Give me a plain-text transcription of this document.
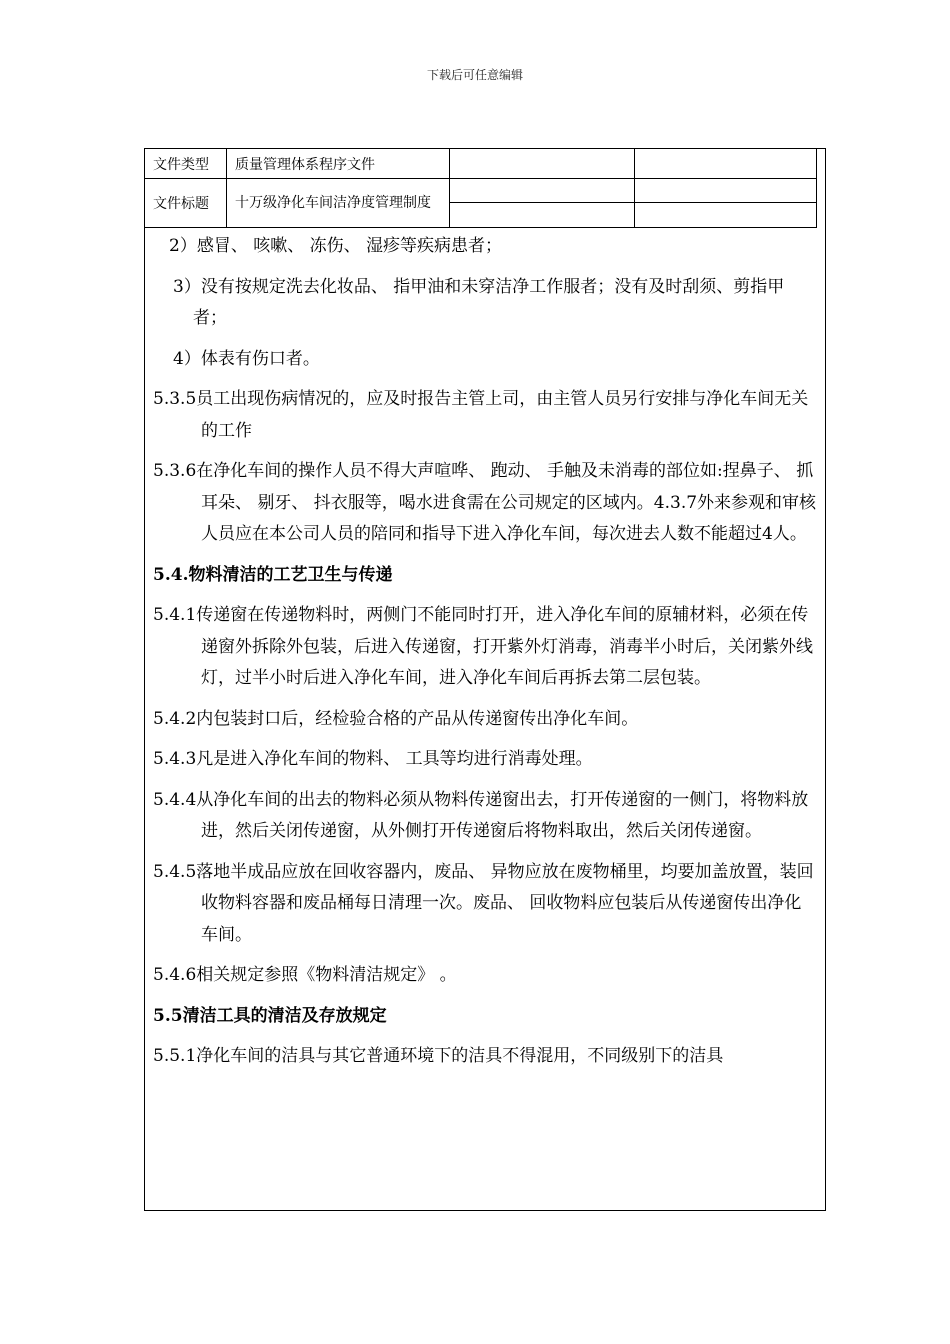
下载后可任意编辑
文件类型	质量管理体系程序文件		
文件标题	十万级净化车间洁净度管理制度		

2）感冒、 咳嗽、 冻伤、 湿疹等疾病患者；

3）没有按规定洗去化妆品、 指甲油和未穿洁净工作服者；没有及时刮须、剪指甲者；

4）体表有伤口者。

5.3.5员工出现伤病情况的，应及时报告主管上司，由主管人员另行安排与净化车间无关的工作

5.3.6在净化车间的操作人员不得大声喧哗、 跑动、 手触及未消毒的部位如:捏鼻子、 抓耳朵、 剔牙、 抖衣服等，喝水进食需在公司规定的区域内。4.3.7外来参观和审核人员应在本公司人员的陪同和指导下进入净化车间，每次进去人数不能超过4人。

5.4.物料清洁的工艺卫生与传递

5.4.1传递窗在传递物料时，两侧门不能同时打开，进入净化车间的原辅材料，必须在传递窗外拆除外包装，后进入传递窗，打开紫外灯消毒，消毒半小时后，关闭紫外线灯，过半小时后进入净化车间，进入净化车间后再拆去第二层包装。

5.4.2内包装封口后，经检验合格的产品从传递窗传出净化车间。

5.4.3凡是进入净化车间的物料、 工具等均进行消毒处理。

5.4.4从净化车间的出去的物料必须从物料传递窗出去，打开传递窗的一侧门，将物料放进，然后关闭传递窗，从外侧打开传递窗后将物料取出，然后关闭传递窗。

5.4.5落地半成品应放在回收容器内，废品、 异物应放在废物桶里，均要加盖放置，装回收物料容器和废品桶每日清理一次。废品、 回收物料应包装后从传递窗传出净化车间。

5.4.6相关规定参照《物料清洁规定》 。

5.5清洁工具的清洁及存放规定

5.5.1净化车间的洁具与其它普通环境下的洁具不得混用，不同级别下的洁具
